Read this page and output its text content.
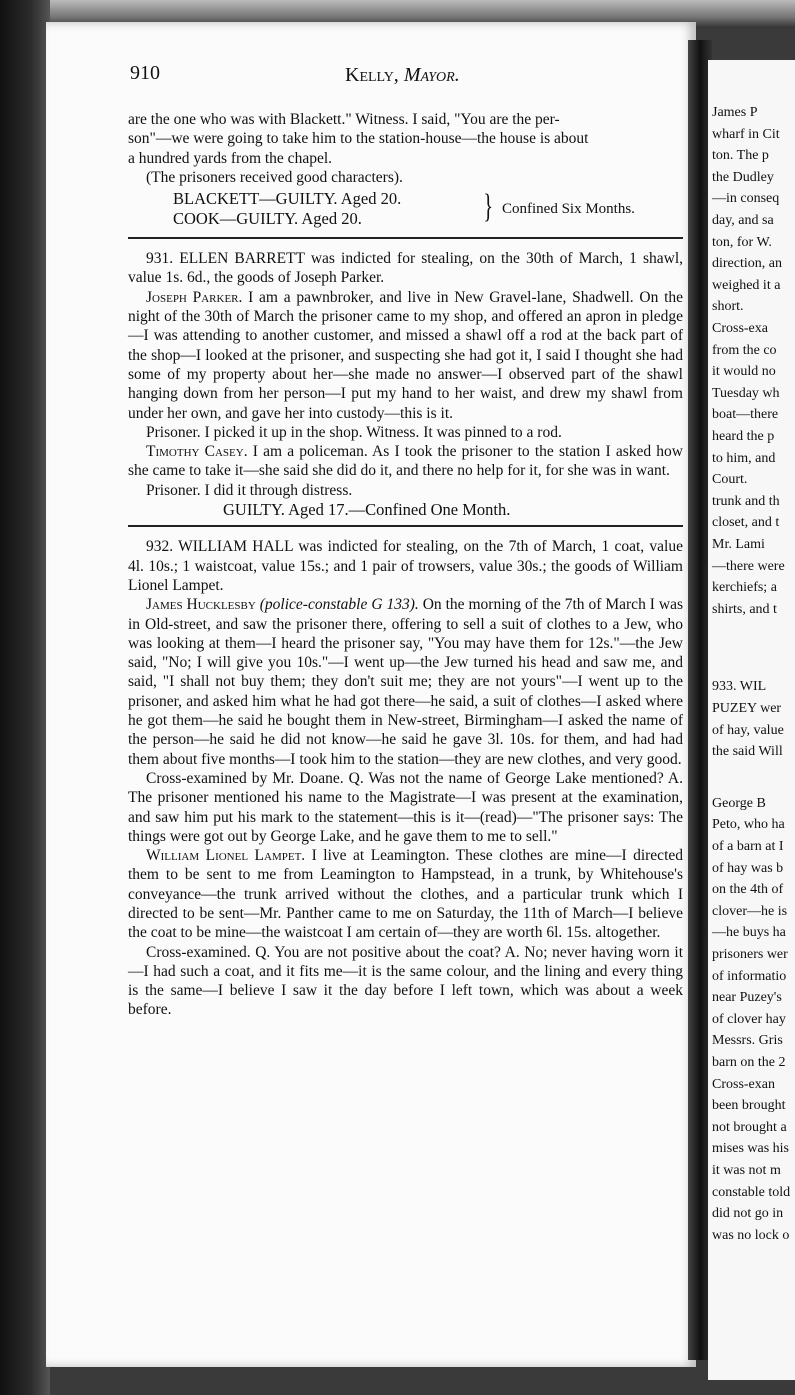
James P
wharf in Cit
ton. The p
the Dudley
—in conseq
day, and sa
ton, for W.
direction, an
weighed it a
short.
Cross-exa
from the co
it would no
Tuesday wh
boat—there
heard the p
to him, and
Court.
trunk and th
closet, and t
Mr. Lami
—there were
kerchiefs; a
shirts, and t
933. WIL
PUZEY wer
of hay, value
the said Will
George B
Peto, who ha
of a barn at I
of hay was b
on the 4th of
clover—he is
—he buys ha
prisoners wer
of informatio
near Puzey's
of clover hay
Messrs. Gris
barn on the 2
Cross-exan
been brought
not brought a
mises was his
it was not m
constable told
did not go in
was no lock o
910	Kelly, Mayor.

are the one who was with Blackett." Witness. I said, "You are the per-

son"—we were going to take him to the station-house—the house is about

a hundred yards from the chapel.

(The prisoners received good characters).

BLACKETT—GUILTY. Aged 20.
COOK—GUILTY. Aged 20.	} Confined Six Months.

931. ELLEN BARRETT was indicted for stealing, on the 30th of March, 1 shawl, value 1s. 6d., the goods of Joseph Parker.

Joseph Parker. I am a pawnbroker, and live in New Gravel-lane, Shadwell. On the night of the 30th of March the prisoner came to my shop, and offered an apron in pledge—I was attending to another customer, and missed a shawl off a rod at the back part of the shop—I looked at the prisoner, and suspecting she had got it, I said I thought she had some of my property about her—she made no answer—I observed part of the shawl hanging down from her person—I put my hand to her waist, and drew my shawl from under her own, and gave her into custody—this is it.

Prisoner. I picked it up in the shop. Witness. It was pinned to a rod.

Timothy Casey. I am a policeman. As I took the prisoner to the station I asked how she came to take it—she said she did do it, and there no help for it, for she was in want.

Prisoner. I did it through distress.

GUILTY. Aged 17.—Confined One Month.

932. WILLIAM HALL was indicted for stealing, on the 7th of March, 1 coat, value 4l. 10s.; 1 waistcoat, value 15s.; and 1 pair of trowsers, value 30s.; the goods of William Lionel Lampet.

James Hucklesby (police-constable G 133). On the morning of the 7th of March I was in Old-street, and saw the prisoner there, offering to sell a suit of clothes to a Jew, who was looking at them—I heard the prisoner say, "You may have them for 12s."—the Jew said, "No; I will give you 10s."—I went up—the Jew turned his head and saw me, and said, "I shall not buy them; they don't suit me; they are not yours"—I went up to the prisoner, and asked him what he had got there—he said, a suit of clothes—I asked where he got them—he said he bought them in New-street, Birmingham—I asked the name of the person—he said he did not know—he said he gave 3l. 10s. for them, and had had them about five months—I took him to the station—they are new clothes, and very good.

Cross-examined by Mr. Doane. Q. Was not the name of George Lake mentioned? A. The prisoner mentioned his name to the Magistrate—I was present at the examination, and saw him put his mark to the statement—this is it—(read)—"The prisoner says: The things were got out by George Lake, and he gave them to me to sell."

William Lionel Lampet. I live at Leamington. These clothes are mine—I directed them to be sent to me from Leamington to Hampstead, in a trunk, by Whitehouse's conveyance—the trunk arrived without the clothes, and a particular trunk which I directed to be sent—Mr. Panther came to me on Saturday, the 11th of March—I believe the coat to be mine—the waistcoat I am certain of—they are worth 6l. 15s. altogether.

Cross-examined. Q. You are not positive about the coat? A. No; never having worn it—I had such a coat, and it fits me—it is the same colour, and the lining and every thing is the same—I believe I saw it the day before I left town, which was about a week before.
